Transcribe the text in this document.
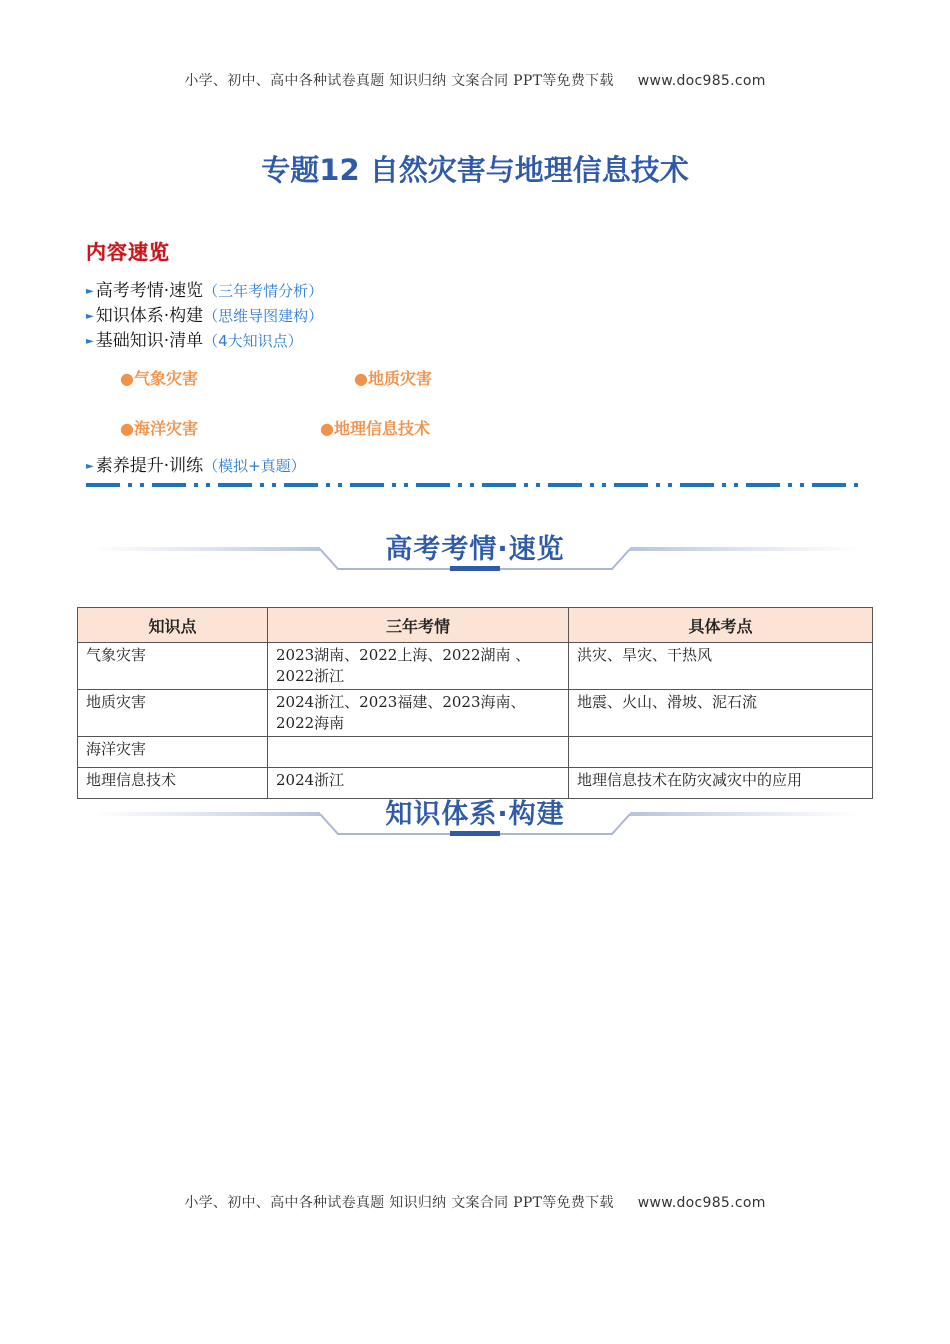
小学、初中、高中各种试卷真题 知识归纳 文案合同 PPT等免费下载 www.doc985.com
专题12 自然灾害与地理信息技术
内容速览
► 高考考情·速览（三年考情分析）
► 知识体系·构建（思维导图建构）
► 基础知识·清单（4大知识点）
●气象灾害	●地质灾害
●海洋灾害	●地理信息技术
► 素养提升·训练（模拟+真题）
高考考情·速览
知识点	三年考情	具体考点
气象灾害	2023湖南、2022上海、2022湖南 、2022浙江	洪灾、旱灾、干热风
地质灾害	2024浙江、2023福建、2023海南、2022海南	地震、火山、滑坡、泥石流
海洋灾害		
地理信息技术	2024浙江	地理信息技术在防灾减灾中的应用
知识体系·构建
小学、初中、高中各种试卷真题 知识归纳 文案合同 PPT等免费下载 www.doc985.com
